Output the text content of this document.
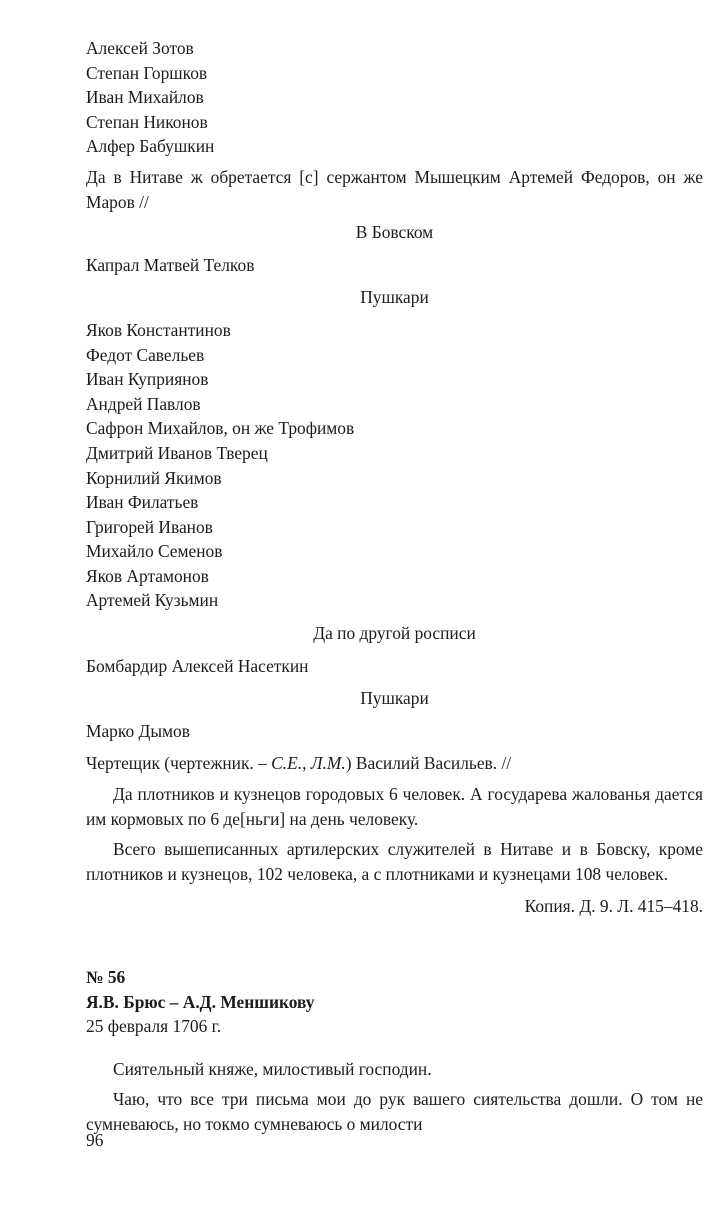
Алексей Зотов
Степан Горшков
Иван Михайлов
Степан Никонов
Алфер Бабушкин
Да в Нитаве ж обретается [с] сержантом Мышецким Артемей Федоров, он же Маров //
В Бовском
Капрал Матвей Телков
Пушкари
Яков Константинов
Федот Савельев
Иван Куприянов
Андрей Павлов
Сафрон Михайлов, он же Трофимов
Дмитрий Иванов Тверец
Корнилий Якимов
Иван Филатьев
Григорей Иванов
Михайло Семенов
Яков Артамонов
Артемей Кузьмин
Да по другой росписи
Бомбардир Алексей Насеткин
Пушкари
Марко Дымов
Чертещик (чертежник. – С.Е., Л.М.) Василий Васильев. //
Да плотников и кузнецов городовых 6 человек. А государева жалованья дается им кормовых по 6 де[ньги] на день человеку.
Всего вышеписанных артилерских служителей в Нитаве и в Бовску, кроме плотников и кузнецов, 102 человека, а с плотниками и кузнецами 108 человек.
Копия. Д. 9. Л. 415–418.
№ 56
Я.В. Брюс – А.Д. Меншикову
25 февраля 1706 г.
Сиятельный княже, милостивый господин.
Чаю, что все три письма мои до рук вашего сиятельства дошли. О том не сумневаюсь, но токмо сумневаюсь о милости
96
